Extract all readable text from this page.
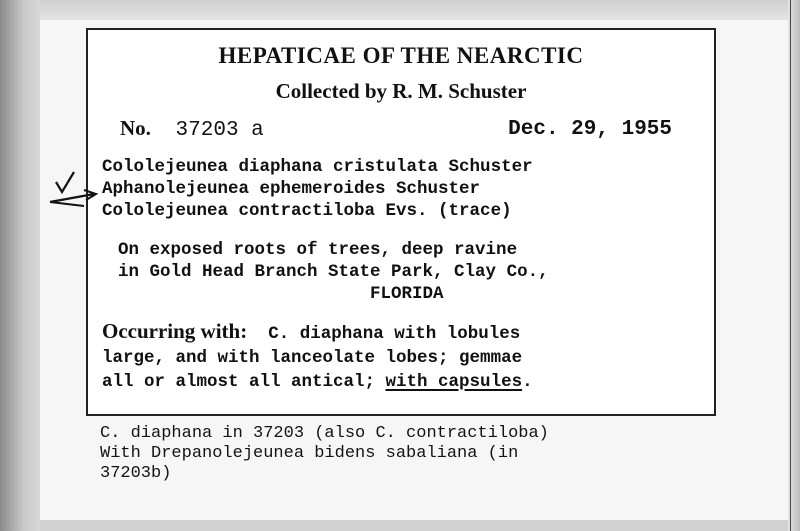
HEPATICAE OF THE NEARCTIC
Collected by R. M. Schuster
No. 37203 a	Dec. 29, 1955
Cololejeunea diaphana cristulata Schuster
Aphanolejeunea ephemeroides Schuster
Cololejeunea contractiloba Evs. (trace)
On exposed roots of trees, deep ravine
in Gold Head Branch State Park, Clay Co.,
FLORIDA
Occurring with: C. diaphana with lobules
large, and with lanceolate lobes; gemmae
all or almost all antical; with capsules.
C. diaphana in 37203 (also C. contractiloba)
With Drepanolejeunea bidens sabaliana (in
37203b)
